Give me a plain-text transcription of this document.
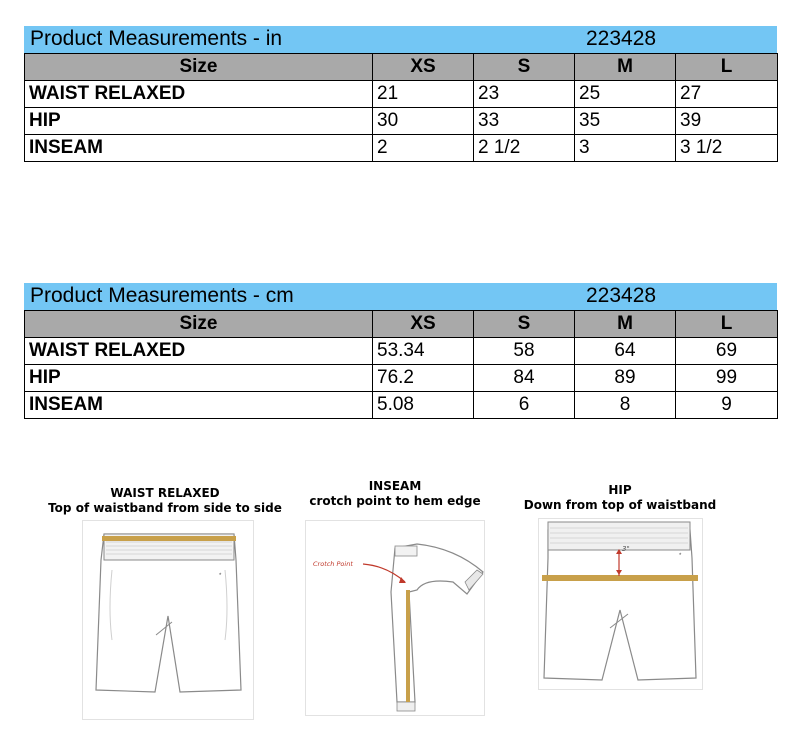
Product Measurements - in	223428
Size	XS	S	M	L
WAIST RELAXED	21	23	25	27
HIP	30	33	35	39
INSEAM	2	2 1/2	3	3 1/2
Product Measurements - cm	223428
Size	XS	S	M	L
WAIST RELAXED	53.34	58	64	69
HIP	76.2	84	89	99
INSEAM	5.08	6	8	9
WAIST RELAXED
Top of waistband from side to side
INSEAM
crotch point to hem edge
HIP
Down from top of waistband
⋆
Crotch Point
3"
⋆
